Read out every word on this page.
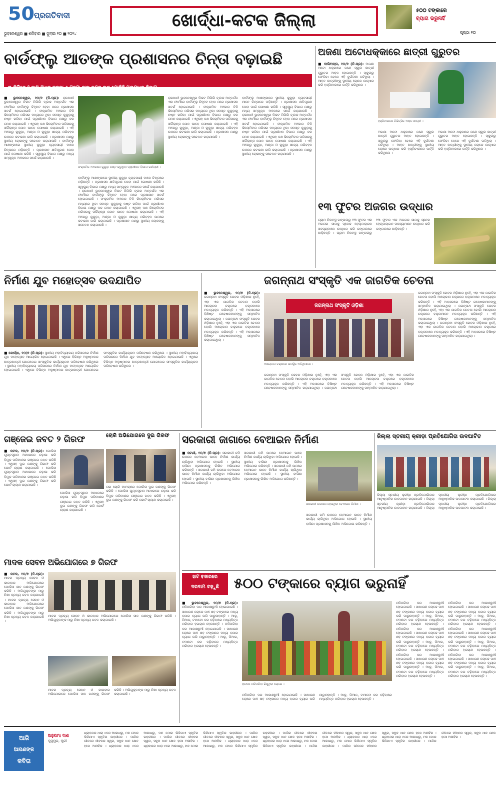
50 ପ୍ରଗତିବାଦୀ
ଭୁବନେଶ୍ୱର ■ ଶନିବାର ■ ଜୁଲାଇ ୧୦ ■ ୨୦୨୪
ଖୋର୍ଦ୍ଧା-କଟକ ଜିଲ୍ଲା	୫୦୦ ଟଙ୍କାରେ
ବ୍ୟାଗ ଭରୁନାହିଁ
ପୃଷ୍ଠା ୧୦
ବାର୍ଡଫ୍ଲୁ ଆତଙ୍କ ପ୍ରଶାସନର ଚିନ୍ତା ବଢ଼ାଇଛି
୩ କିମିରେ ୨ ଲକ୍ଷ ଅଧିକ କୁକୁଡ଼ା ୫ ଟନ୍‌ଟା ଦାନା ବଣକ ନାଶ ଯୋଜିଛି ପ୍ରାଣୀଧନ ବିଭାଗ
■ ଭୁବନେଶ୍ୱର, ୧୦/୭ (ନି.ପ୍ର): ରାଜଧାନୀ ଭୁବନେଶ୍ୱର ନିକଟ ପିପିଲି ବ୍ଲକ ଅନ୍ତର୍ଗତ ଏକ ଫାର୍ମରେ ବାର୍ଡଫ୍ଲୁ ଚିହ୍ନଟ ହେବା ପରେ ପ୍ରଶାସନ ସତର୍କ ହୋଇଯାଇଛି । ସଂକ୍ରମିତ ଅଞ୍ଚଳର ତିନି କିଲୋମିଟର ପରିସର ମଧ୍ୟରେ ଥିବା ସମସ୍ତ କୁକୁଡ଼ାକୁ ନଷ୍ଟ କରିବା ପାଇଁ ପ୍ରାଣୀଧନ ବିଭାଗ ପକ୍ଷରୁ ଦଳ ଗଠନ କରାଯାଇଛି । ଏଥିସହ ଦଶ କିଲୋମିଟର ପରିସରକୁ ସର୍ଭିଲାନ୍ସ ଜୋନ ଭାବେ ଘୋଷଣା କରାଯାଇଛି । ଏହି ଅଞ୍ଚଳରୁ କୁକୁଡ଼ା, ଅଣ୍ଡା ଓ କୁକୁଡ଼ା ଖାଦ୍ୟ ପରିବହନ ଉପରେ କଟକଣା ଜାରି କରାଯାଇଛି । ପ୍ରଶାସନ ପକ୍ଷରୁ ସ୍ଥାନୀୟ ଲୋକଙ୍କୁ ସଚେତନ କରାଯାଉଛି । ବାର୍ଡଫ୍ଲୁ ଆଶଙ୍କାରେ ସ୍ଥାନୀୟ କୁକୁଡ଼ା ବ୍ୟବସାୟୀ ମାନେ ଚିନ୍ତାରେ ପଡ଼ିଛନ୍ତି । ପ୍ରଶାସନ କ୍ଷତିପୂରଣ ଦେବା ପାଇଁ ଘୋଷଣା କରିଛି । ସ୍ୱାସ୍ଥ୍ୟ ବିଭାଗ ପକ୍ଷରୁ ମଧ୍ୟ ସମ୍ପୃକ୍ତ ଅଞ୍ଚଳରେ ସର୍ଭେ କରାଯାଉଛି ।
ସଂକ୍ରମିତ ଅଞ୍ଚଳରେ କୁକୁଡ଼ା ନଷ୍ଟ କରୁଥିବା ପ୍ରାଣୀଧନ ବିଭାଗ କର୍ମଚାରୀ ।
ବାର୍ଡଫ୍ଲୁ ଆଶଙ୍କାରେ ସ୍ଥାନୀୟ କୁକୁଡ଼ା ବ୍ୟବସାୟୀ ମାନେ ଚିନ୍ତାରେ ପଡ଼ିଛନ୍ତି । ପ୍ରଶାସନ କ୍ଷତିପୂରଣ ଦେବା ପାଇଁ ଘୋଷଣା କରିଛି । ସ୍ୱାସ୍ଥ୍ୟ ବିଭାଗ ପକ୍ଷରୁ ମଧ୍ୟ ସମ୍ପୃକ୍ତ ଅଞ୍ଚଳରେ ସର୍ଭେ କରାଯାଉଛି । ରାଜଧାନୀ ଭୁବନେଶ୍ୱର ନିକଟ ପିପିଲି ବ୍ଲକ ଅନ୍ତର୍ଗତ ଏକ ଫାର୍ମରେ ବାର୍ଡଫ୍ଲୁ ଚିହ୍ନଟ ହେବା ପରେ ପ୍ରଶାସନ ସତର୍କ ହୋଇଯାଇଛି । ସଂକ୍ରମିତ ଅଞ୍ଚଳର ତିନି କିଲୋମିଟର ପରିସର ମଧ୍ୟରେ ଥିବା ସମସ୍ତ କୁକୁଡ଼ାକୁ ନଷ୍ଟ କରିବା ପାଇଁ ପ୍ରାଣୀଧନ ବିଭାଗ ପକ୍ଷରୁ ଦଳ ଗଠନ କରାଯାଇଛି । ଏଥିସହ ଦଶ କିଲୋମିଟର ପରିସରକୁ ସର୍ଭିଲାନ୍ସ ଜୋନ ଭାବେ ଘୋଷଣା କରାଯାଇଛି । ଏହି ଅଞ୍ଚଳରୁ କୁକୁଡ଼ା, ଅଣ୍ଡା ଓ କୁକୁଡ଼ା ଖାଦ୍ୟ ପରିବହନ ଉପରେ କଟକଣା ଜାରି କରାଯାଇଛି । ପ୍ରଶାସନ ପକ୍ଷରୁ ସ୍ଥାନୀୟ ଲୋକଙ୍କୁ ସଚେତନ କରାଯାଉଛି ।
ରାଜଧାନୀ ଭୁବନେଶ୍ୱର ନିକଟ ପିପିଲି ବ୍ଲକ ଅନ୍ତର୍ଗତ ଏକ ଫାର୍ମରେ ବାର୍ଡଫ୍ଲୁ ଚିହ୍ନଟ ହେବା ପରେ ପ୍ରଶାସନ ସତର୍କ ହୋଇଯାଇଛି । ସଂକ୍ରମିତ ଅଞ୍ଚଳର ତିନି କିଲୋମିଟର ପରିସର ମଧ୍ୟରେ ଥିବା ସମସ୍ତ କୁକୁଡ଼ାକୁ ନଷ୍ଟ କରିବା ପାଇଁ ପ୍ରାଣୀଧନ ବିଭାଗ ପକ୍ଷରୁ ଦଳ ଗଠନ କରାଯାଇଛି । ଏଥିସହ ଦଶ କିଲୋମିଟର ପରିସରକୁ ସର୍ଭିଲାନ୍ସ ଜୋନ ଭାବେ ଘୋଷଣା କରାଯାଇଛି । ଏହି ଅଞ୍ଚଳରୁ କୁକୁଡ଼ା, ଅଣ୍ଡା ଓ କୁକୁଡ଼ା ଖାଦ୍ୟ ପରିବହନ ଉପରେ କଟକଣା ଜାରି କରାଯାଇଛି । ପ୍ରଶାସନ ପକ୍ଷରୁ ସ୍ଥାନୀୟ ଲୋକଙ୍କୁ ସଚେତନ କରାଯାଉଛି ।
ବାର୍ଡଫ୍ଲୁ ଆଶଙ୍କାରେ ସ୍ଥାନୀୟ କୁକୁଡ଼ା ବ୍ୟବସାୟୀ ମାନେ ଚିନ୍ତାରେ ପଡ଼ିଛନ୍ତି । ପ୍ରଶାସନ କ୍ଷତିପୂରଣ ଦେବା ପାଇଁ ଘୋଷଣା କରିଛି । ସ୍ୱାସ୍ଥ୍ୟ ବିଭାଗ ପକ୍ଷରୁ ମଧ୍ୟ ସମ୍ପୃକ୍ତ ଅଞ୍ଚଳରେ ସର୍ଭେ କରାଯାଉଛି । ରାଜଧାନୀ ଭୁବନେଶ୍ୱର ନିକଟ ପିପିଲି ବ୍ଲକ ଅନ୍ତର୍ଗତ ଏକ ଫାର୍ମରେ ବାର୍ଡଫ୍ଲୁ ଚିହ୍ନଟ ହେବା ପରେ ପ୍ରଶାସନ ସତର୍କ ହୋଇଯାଇଛି । ସଂକ୍ରମିତ ଅଞ୍ଚଳର ତିନି କିଲୋମିଟର ପରିସର ମଧ୍ୟରେ ଥିବା ସମସ୍ତ କୁକୁଡ଼ାକୁ ନଷ୍ଟ କରିବା ପାଇଁ ପ୍ରାଣୀଧନ ବିଭାଗ ପକ୍ଷରୁ ଦଳ ଗଠନ କରାଯାଇଛି । ଏଥିସହ ଦଶ କିଲୋମିଟର ପରିସରକୁ ସର୍ଭିଲାନ୍ସ ଜୋନ ଭାବେ ଘୋଷଣା କରାଯାଇଛି । ଏହି ଅଞ୍ଚଳରୁ କୁକୁଡ଼ା, ଅଣ୍ଡା ଓ କୁକୁଡ଼ା ଖାଦ୍ୟ ପରିବହନ ଉପରେ କଟକଣା ଜାରି କରାଯାଇଛି । ପ୍ରଶାସନ ପକ୍ଷରୁ ସ୍ଥାନୀୟ ଲୋକଙ୍କୁ ସଚେତନ କରାଯାଉଛି ।
ଅଜଣା ଅଟୋଧକ୍କାରେ ଛାତ୍ରୀ ଗୁରୁତର
■ ବାଲିଅନ୍ତା, ୧୦/୭ (ନି.ପ୍ର): ଅଜଣା ଅଟୋ ଧକ୍କାରେ ଜଣେ ସ୍କୁଲ ଛାତ୍ରୀ ଗୁରୁତର ଆହତ ହୋଇଛନ୍ତି । ସ୍କୁଲରୁ ଫେରିବା ବେଳେ ଏହି ଦୁର୍ଘଟଣା ଘଟିଥିଲା । ଆହତ ଛାତ୍ରୀଙ୍କୁ ସ୍ଥାନୀୟ ଲୋକେ ଉଦ୍ଧାର କରି ହସ୍ପିଟାଲରେ ଭର୍ତ୍ତି କରିଥିଲେ ।
ହସ୍ପିଟାଲରେ ଚିକିତ୍ସିତ ଆହତ ଛାତ୍ରୀ ।
ଅଜଣା ଅଟୋ ଧକ୍କାରେ ଜଣେ ସ୍କୁଲ ଛାତ୍ରୀ ଗୁରୁତର ଆହତ ହୋଇଛନ୍ତି । ସ୍କୁଲରୁ ଫେରିବା ବେଳେ ଏହି ଦୁର୍ଘଟଣା ଘଟିଥିଲା । ଆହତ ଛାତ୍ରୀଙ୍କୁ ସ୍ଥାନୀୟ ଲୋକେ ଉଦ୍ଧାର କରି ହସ୍ପିଟାଲରେ ଭର୍ତ୍ତି କରିଥିଲେ ।
ଅଜଣା ଅଟୋ ଧକ୍କାରେ ଜଣେ ସ୍କୁଲ ଛାତ୍ରୀ ଗୁରୁତର ଆହତ ହୋଇଛନ୍ତି । ସ୍କୁଲରୁ ଫେରିବା ବେଳେ ଏହି ଦୁର୍ଘଟଣା ଘଟିଥିଲା । ଆହତ ଛାତ୍ରୀଙ୍କୁ ସ୍ଥାନୀୟ ଲୋକେ ଉଦ୍ଧାର କରି ହସ୍ପିଟାଲରେ ଭର୍ତ୍ତି କରିଥିଲେ ।
୧୩ ଫୁଟର ଅଜଗର ଉଦ୍ଧାର
ଗ୍ରାମ ନିକଟସ୍ଥ ଜଙ୍ଗଲରୁ ୧୩ ଫୁଟର ଏକ ଅଜଗର ସାପକୁ ସ୍ନେକ ହେଲ୍ପଲାଇନ ସଦସ୍ୟମାନେ ଉଦ୍ଧାର କରି ଜଙ୍ଗଲରେ ଛାଡ଼ିଛନ୍ତି । ଗ୍ରାମ ନିକଟସ୍ଥ ଜଙ୍ଗଲରୁ ୧୩ ଫୁଟର ଏକ ଅଜଗର ସାପକୁ ସ୍ନେକ ହେଲ୍ପଲାଇନ ସଦସ୍ୟମାନେ ଉଦ୍ଧାର କରି ଜଙ୍ଗଲରେ ଛାଡ଼ିଛନ୍ତି ।
ନିର୍ମାଣ ଯୁବ ମହୋତ୍ସବ ଉଦଯାପିତ
■ ଖୋର୍ଦ୍ଧା, ୧୦/୭ (ନି.ପ୍ର): ସ୍ଥାନୀୟ ମହାବିଦ୍ୟାଳୟ ପରିସରରେ ନିର୍ମାଣ ଯୁବ ମହୋତ୍ସବ ଆୟୋଜିତ ହୋଇଯାଇଛି । ଏଥିରେ ବିଭିନ୍ନ ଅନୁଷ୍ଠାନର ଛାତ୍ରଛାତ୍ରୀ ଯୋଗଦେଇ ସାଂସ୍କୃତିକ କାର୍ଯ୍ୟକ୍ରମ ପରିବେଷଣ କରିଥିଲେ । ସ୍ଥାନୀୟ ମହାବିଦ୍ୟାଳୟ ପରିସରରେ ନିର୍ମାଣ ଯୁବ ମହୋତ୍ସବ ଆୟୋଜିତ ହୋଇଯାଇଛି । ଏଥିରେ ବିଭିନ୍ନ ଅନୁଷ୍ଠାନର ଛାତ୍ରଛାତ୍ରୀ ଯୋଗଦେଇ ସାଂସ୍କୃତିକ କାର୍ଯ୍ୟକ୍ରମ ପରିବେଷଣ କରିଥିଲେ । ସ୍ଥାନୀୟ ମହାବିଦ୍ୟାଳୟ ପରିସରରେ ନିର୍ମାଣ ଯୁବ ମହୋତ୍ସବ ଆୟୋଜିତ ହୋଇଯାଇଛି । ଏଥିରେ ବିଭିନ୍ନ ଅନୁଷ୍ଠାନର ଛାତ୍ରଛାତ୍ରୀ ଯୋଗଦେଇ ସାଂସ୍କୃତିକ କାର୍ଯ୍ୟକ୍ରମ ପରିବେଷଣ କରିଥିଲେ ।
ଜଗନ୍ନାଥ ସଂସ୍କୃତି ଏକ ଜାଗତିକ ଚେତନା
■ ଭୁବନେଶ୍ୱର, ୧୦/୭ (ନି.ପ୍ର): ଜଗନ୍ନାଥ ସଂସ୍କୃତି କେବଳ ଓଡ଼ିଶାର ନୁହେଁ, ଏହା ଏକ ଜାଗତିକ ଚେତନା ବୋଲି ଆଲୋଚନା ଚକ୍ରରେ ବକ୍ତାମାନେ ମତବ୍ୟକ୍ତ କରିଛନ୍ତି । ଏହି ଅବସରରେ ବିଶିଷ୍ଟ ଗବେଷକମାନଙ୍କୁ ସମ୍ମାନିତ କରାଯାଇଥିଲା । ଜଗନ୍ନାଥ ସଂସ୍କୃତି କେବଳ ଓଡ଼ିଶାର ନୁହେଁ, ଏହା ଏକ ଜାଗତିକ ଚେତନା ବୋଲି ଆଲୋଚନା ଚକ୍ରରେ ବକ୍ତାମାନେ ମତବ୍ୟକ୍ତ କରିଛନ୍ତି । ଏହି ଅବସରରେ ବିଶିଷ୍ଟ ଗବେଷକମାନଙ୍କୁ ସମ୍ମାନିତ କରାଯାଇଥିଲା ।
ଜଗନ୍ନାଥ ସଂସ୍କୃତି ଓଡ଼ିଶା
ଆଲୋଚନା ଚକ୍ରରେ ଉପସ୍ଥିତ ଅତିଥିମାନେ ।
ଜଗନ୍ନାଥ ସଂସ୍କୃତି କେବଳ ଓଡ଼ିଶାର ନୁହେଁ, ଏହା ଏକ ଜାଗତିକ ଚେତନା ବୋଲି ଆଲୋଚନା ଚକ୍ରରେ ବକ୍ତାମାନେ ମତବ୍ୟକ୍ତ କରିଛନ୍ତି । ଏହି ଅବସରରେ ବିଶିଷ୍ଟ ଗବେଷକମାନଙ୍କୁ ସମ୍ମାନିତ କରାଯାଇଥିଲା । ଜଗନ୍ନାଥ ସଂସ୍କୃତି କେବଳ ଓଡ଼ିଶାର ନୁହେଁ, ଏହା ଏକ ଜାଗତିକ ଚେତନା ବୋଲି ଆଲୋଚନା ଚକ୍ରରେ ବକ୍ତାମାନେ ମତବ୍ୟକ୍ତ କରିଛନ୍ତି । ଏହି ଅବସରରେ ବିଶିଷ୍ଟ ଗବେଷକମାନଙ୍କୁ ସମ୍ମାନିତ କରାଯାଇଥିଲା ।
ଜଗନ୍ନାଥ ସଂସ୍କୃତି କେବଳ ଓଡ଼ିଶାର ନୁହେଁ, ଏହା ଏକ ଜାଗତିକ ଚେତନା ବୋଲି ଆଲୋଚନା ଚକ୍ରରେ ବକ୍ତାମାନେ ମତବ୍ୟକ୍ତ କରିଛନ୍ତି । ଏହି ଅବସରରେ ବିଶିଷ୍ଟ ଗବେଷକମାନଙ୍କୁ ସମ୍ମାନିତ କରାଯାଇଥିଲା । ଜଗନ୍ନାଥ ସଂସ୍କୃତି କେବଳ ଓଡ଼ିଶାର ନୁହେଁ, ଏହା ଏକ ଜାଗତିକ ଚେତନା ବୋଲି ଆଲୋଚନା ଚକ୍ରରେ ବକ୍ତାମାନେ ମତବ୍ୟକ୍ତ କରିଛନ୍ତି । ଏହି ଅବସରରେ ବିଶିଷ୍ଟ ଗବେଷକମାନଙ୍କୁ ସମ୍ମାନିତ କରାଯାଇଥିଲା । ଜଗନ୍ନାଥ ସଂସ୍କୃତି କେବଳ ଓଡ଼ିଶାର ନୁହେଁ, ଏହା ଏକ ଜାଗତିକ ଚେତନା ବୋଲି ଆଲୋଚନା ଚକ୍ରରେ ବକ୍ତାମାନେ ମତବ୍ୟକ୍ତ କରିଛନ୍ତି । ଏହି ଅବସରରେ ବିଶିଷ୍ଟ ଗବେଷକମାନଙ୍କୁ ସମ୍ମାନିତ କରାଯାଇଥିଲା ।
ଗଞ୍ଜେଇ ଜବତ ୨ ଗିରଫ
■ କଟକ, ୧୦/୭ (ନି.ପ୍ର): ପୋଲିସ ଗୁପ୍ତସୂଚନା ଆଧାରରେ ଚଢ଼ାଉ କରି ବିପୁଳ ପରିମାଣର ଗଞ୍ଜେଇ ଜବତ କରିଛି । ଏଥିସହ ଦୁଇ ଜଣଙ୍କୁ ଗିରଫ କରି କୋର୍ଟ ଚାଲାଣ କରାଯାଇଛି । ପୋଲିସ ଗୁପ୍ତସୂଚନା ଆଧାରରେ ଚଢ଼ାଉ କରି ବିପୁଳ ପରିମାଣର ଗଞ୍ଜେଇ ଜବତ କରିଛି । ଏଥିସହ ଦୁଇ ଜଣଙ୍କୁ ଗିରଫ କରି କୋର୍ଟ ଚାଲାଣ କରାଯାଇଛି ।
ପୋଲିସ ଗୁପ୍ତସୂଚନା ଆଧାରରେ ଚଢ଼ାଉ କରି ବିପୁଳ ପରିମାଣର ଗଞ୍ଜେଇ ଜବତ କରିଛି । ଏଥିସହ ଦୁଇ ଜଣଙ୍କୁ ଗିରଫ କରି କୋର୍ଟ ଚାଲାଣ କରାଯାଇଛି ।
ଚୋରି ଅଭିଯୋଗରେ ଦୁଇ ଗିରଫ
ଘର ଚୋରି ମାମଲାରେ ପୋଲିସ ଦୁଇ ଜଣଙ୍କୁ ଗିରଫ କରିଛି । ପୋଲିସ ଗୁପ୍ତସୂଚନା ଆଧାରରେ ଚଢ଼ାଉ କରି ବିପୁଳ ପରିମାଣର ଗଞ୍ଜେଇ ଜବତ କରିଛି । ଏଥିସହ ଦୁଇ ଜଣଙ୍କୁ ଗିରଫ କରି କୋର୍ଟ ଚାଲାଣ କରାଯାଇଛି ।
ମାଦକ ସେବନ ଅଭିଯୋଗରେ ୭ ଗିରଫ
■ କଟକ, ୧୦/୭ (ନି.ପ୍ର): ମାଦକ ଦ୍ରବ୍ୟ ସେବନ ଓ କାରବାର ଅଭିଯୋଗରେ ପୋଲିସ ସାତ ଜଣଙ୍କୁ ଗିରଫ କରିଛି । ଅଭିଯୁକ୍ତଙ୍କ ଠାରୁ ନିଶା ଦ୍ରବ୍ୟ ଜବତ କରାଯାଇଛି । ମାଦକ ଦ୍ରବ୍ୟ ସେବନ ଓ କାରବାର ଅଭିଯୋଗରେ ପୋଲିସ ସାତ ଜଣଙ୍କୁ ଗିରଫ କରିଛି । ଅଭିଯୁକ୍ତଙ୍କ ଠାରୁ ନିଶା ଦ୍ରବ୍ୟ ଜବତ କରାଯାଇଛି ।
ମାଦକ ଦ୍ରବ୍ୟ ସେବନ ଓ କାରବାର ଅଭିଯୋଗରେ ପୋଲିସ ସାତ ଜଣଙ୍କୁ ଗିରଫ କରିଛି । ଅଭିଯୁକ୍ତଙ୍କ ଠାରୁ ନିଶା ଦ୍ରବ୍ୟ ଜବତ କରାଯାଇଛି ।
ମାଦକ ଦ୍ରବ୍ୟ ସେବନ ଓ କାରବାର ଅଭିଯୋଗରେ ପୋଲିସ ସାତ ଜଣଙ୍କୁ ଗିରଫ କରିଛି । ଅଭିଯୁକ୍ତଙ୍କ ଠାରୁ ନିଶା ଦ୍ରବ୍ୟ ଜବତ କରାଯାଇଛି ।
ସରକାରୀ ଜାଗାରେ ବେଆଇନ ନିର୍ମାଣ
■ ଜଟଣୀ, ୧୦/୭ (ନି.ପ୍ର): ସରକାରୀ ଜମି ଉପରେ ବେଆଇନ ଭାବେ ନିର୍ମାଣ କାର୍ଯ୍ୟ ଚାଲିଥିବା ଅଭିଯୋଗ ହୋଇଛି । ସ୍ଥାନୀୟ ବାସିନ୍ଦା ପ୍ରଶାସନକୁ ଲିଖିତ ଅଭିଯୋଗ କରିଛନ୍ତି । ସରକାରୀ ଜମି ଉପରେ ବେଆଇନ ଭାବେ ନିର୍ମାଣ କାର୍ଯ୍ୟ ଚାଲିଥିବା ଅଭିଯୋଗ ହୋଇଛି । ସ୍ଥାନୀୟ ବାସିନ୍ଦା ପ୍ରଶାସନକୁ ଲିଖିତ ଅଭିଯୋଗ କରିଛନ୍ତି ।
ସରକାରୀ ଜମି ଉପରେ ବେଆଇନ ଭାବେ ନିର୍ମାଣ କାର୍ଯ୍ୟ ଚାଲିଥିବା ଅଭିଯୋଗ ହୋଇଛି । ସ୍ଥାନୀୟ ବାସିନ୍ଦା ପ୍ରଶାସନକୁ ଲିଖିତ ଅଭିଯୋଗ କରିଛନ୍ତି । ସରକାରୀ ଜମି ଉପରେ ବେଆଇନ ଭାବେ ନିର୍ମାଣ କାର୍ଯ୍ୟ ଚାଲିଥିବା ଅଭିଯୋଗ ହୋଇଛି । ସ୍ଥାନୀୟ ବାସିନ୍ଦା ପ୍ରଶାସନକୁ ଲିଖିତ ଅଭିଯୋଗ କରିଛନ୍ତି ।
ସରକାରୀ ଜାଗାରେ ହେଉଥିବା ବେଆଇନ ନିର୍ମାଣ ।
ସରକାରୀ ଜମି ଉପରେ ବେଆଇନ ଭାବେ ନିର୍ମାଣ କାର୍ଯ୍ୟ ଚାଲିଥିବା ଅଭିଯୋଗ ହୋଇଛି । ସ୍ଥାନୀୟ ବାସିନ୍ଦା ପ୍ରଶାସନକୁ ଲିଖିତ ଅଭିଯୋଗ କରିଛନ୍ତି ।
ଜିଲ୍ଲା ସ୍ତରୀୟ କ୍ରୀଡ଼ା ପ୍ରତିଯୋଗିତା ଉଦଘାଟିତ
ଜିଲ୍ଲା ସ୍ତରୀୟ କ୍ରୀଡ଼ା ପ୍ରତିଯୋଗିତାର ଆନୁଷ୍ଠାନିକ ଉଦଘାଟନ କରାଯାଇଛି । ଜିଲ୍ଲା ସ୍ତରୀୟ କ୍ରୀଡ଼ା ପ୍ରତିଯୋଗିତାର ଆନୁଷ୍ଠାନିକ ଉଦଘାଟନ କରାଯାଇଛି । ଜିଲ୍ଲା ସ୍ତରୀୟ କ୍ରୀଡ଼ା ପ୍ରତିଯୋଗିତାର ଆନୁଷ୍ଠାନିକ ଉଦଘାଟନ କରାଯାଇଛି । ଜିଲ୍ଲା ସ୍ତରୀୟ କ୍ରୀଡ଼ା ପ୍ରତିଯୋଗିତାର ଆନୁଷ୍ଠାନିକ ଉଦଘାଟନ କରାଯାଇଛି ।
ହାଟ ବଜାରରେ
ଦରଦାମ ଚଢ଼ୁଛି	୫୦୦ ଟଙ୍କାରେ ବ୍ୟାଗ ଭରୁନାହିଁ
■ ଭୁବନେଶ୍ୱର, ୧୦/୭ (ନି.ପ୍ର): ପନିପରିବା ଦର ଆକାଶଛୁଆଁ ହୋଇଯାଇଛି । ସାଧାରଣ ଲୋକେ ପାଞ୍ଚ ଶହ ଟଙ୍କାରେ ମଧ୍ୟ ବଜାର ବ୍ୟାଗ ଭରି ପାରୁନାହାନ୍ତି । ଆଳୁ, ପିଆଜ, ଟମାଟୋ ଦର ବଢ଼ିବାରେ ମଧ୍ୟବିତ୍ତ ପରିବାର ହଇରାଣ ହେଉଛନ୍ତି । ପନିପରିବା ଦର ଆକାଶଛୁଆଁ ହୋଇଯାଇଛି । ସାଧାରଣ ଲୋକେ ପାଞ୍ଚ ଶହ ଟଙ୍କାରେ ମଧ୍ୟ ବଜାର ବ୍ୟାଗ ଭରି ପାରୁନାହାନ୍ତି । ଆଳୁ, ପିଆଜ, ଟମାଟୋ ଦର ବଢ଼ିବାରେ ମଧ୍ୟବିତ୍ତ ପରିବାର ହଇରାଣ ହେଉଛନ୍ତି ।
ହାଟରେ ପନିପରିବା କିଣୁଥିବା ଲୋକେ ।
ପନିପରିବା ଦର ଆକାଶଛୁଆଁ ହୋଇଯାଇଛି । ସାଧାରଣ ଲୋକେ ପାଞ୍ଚ ଶହ ଟଙ୍କାରେ ମଧ୍ୟ ବଜାର ବ୍ୟାଗ ଭରି ପାରୁନାହାନ୍ତି । ଆଳୁ, ପିଆଜ, ଟମାଟୋ ଦର ବଢ଼ିବାରେ ମଧ୍ୟବିତ୍ତ ପରିବାର ହଇରାଣ ହେଉଛନ୍ତି ।
ପନିପରିବା ଦର ଆକାଶଛୁଆଁ ହୋଇଯାଇଛି । ସାଧାରଣ ଲୋକେ ପାଞ୍ଚ ଶହ ଟଙ୍କାରେ ମଧ୍ୟ ବଜାର ବ୍ୟାଗ ଭରି ପାରୁନାହାନ୍ତି । ଆଳୁ, ପିଆଜ, ଟମାଟୋ ଦର ବଢ଼ିବାରେ ମଧ୍ୟବିତ୍ତ ପରିବାର ହଇରାଣ ହେଉଛନ୍ତି । ପନିପରିବା ଦର ଆକାଶଛୁଆଁ ହୋଇଯାଇଛି । ସାଧାରଣ ଲୋକେ ପାଞ୍ଚ ଶହ ଟଙ୍କାରେ ମଧ୍ୟ ବଜାର ବ୍ୟାଗ ଭରି ପାରୁନାହାନ୍ତି । ଆଳୁ, ପିଆଜ, ଟମାଟୋ ଦର ବଢ଼ିବାରେ ମଧ୍ୟବିତ୍ତ ପରିବାର ହଇରାଣ ହେଉଛନ୍ତି । ପନିପରିବା ଦର ଆକାଶଛୁଆଁ ହୋଇଯାଇଛି । ସାଧାରଣ ଲୋକେ ପାଞ୍ଚ ଶହ ଟଙ୍କାରେ ମଧ୍ୟ ବଜାର ବ୍ୟାଗ ଭରି ପାରୁନାହାନ୍ତି । ଆଳୁ, ପିଆଜ, ଟମାଟୋ ଦର ବଢ଼ିବାରେ ମଧ୍ୟବିତ୍ତ ପରିବାର ହଇରାଣ ହେଉଛନ୍ତି ।
ପନିପରିବା ଦର ଆକାଶଛୁଆଁ ହୋଇଯାଇଛି । ସାଧାରଣ ଲୋକେ ପାଞ୍ଚ ଶହ ଟଙ୍କାରେ ମଧ୍ୟ ବଜାର ବ୍ୟାଗ ଭରି ପାରୁନାହାନ୍ତି । ଆଳୁ, ପିଆଜ, ଟମାଟୋ ଦର ବଢ଼ିବାରେ ମଧ୍ୟବିତ୍ତ ପରିବାର ହଇରାଣ ହେଉଛନ୍ତି । ପନିପରିବା ଦର ଆକାଶଛୁଆଁ ହୋଇଯାଇଛି । ସାଧାରଣ ଲୋକେ ପାଞ୍ଚ ଶହ ଟଙ୍କାରେ ମଧ୍ୟ ବଜାର ବ୍ୟାଗ ଭରି ପାରୁନାହାନ୍ତି । ଆଳୁ, ପିଆଜ, ଟମାଟୋ ଦର ବଢ଼ିବାରେ ମଧ୍ୟବିତ୍ତ ପରିବାର ହଇରାଣ ହେଉଛନ୍ତି । ପନିପରିବା ଦର ଆକାଶଛୁଆଁ ହୋଇଯାଇଛି । ସାଧାରଣ ଲୋକେ ପାଞ୍ଚ ଶହ ଟଙ୍କାରେ ମଧ୍ୟ ବଜାର ବ୍ୟାଗ ଭରି ପାରୁନାହାନ୍ତି । ଆଳୁ, ପିଆଜ, ଟମାଟୋ ଦର ବଢ଼ିବାରେ ମଧ୍ୟବିତ୍ତ ପରିବାର ହଇରାଣ ହେଉଛନ୍ତି ।
ଆଜି
ଆପଣଙ୍କ
କବିତା
ଅନୁପମା ଦାଶ
କୁସୁପୁର, ପୁରୀ
ଶ୍ରାବଣର ଧାରା ଝରେ ଆକାଶରୁ, ମନ ମୋର ଭିଜିଯାଏ ସ୍ମୃତିର ଲହରୀରେ । ପାଣିର ଗୀତରେ ଜୀବନର ସ୍ୱର, ସବୁଜ ଧାନ କ୍ଷେତ ହସେ ଅନାବିଳ । ଶ୍ରାବଣର ଧାରା ଝରେ ଆକାଶରୁ, ମନ ମୋର ଭିଜିଯାଏ ସ୍ମୃତିର ଲହରୀରେ । ପାଣିର ଗୀତରେ ଜୀବନର ସ୍ୱର, ସବୁଜ ଧାନ କ୍ଷେତ ହସେ ଅନାବିଳ । ଶ୍ରାବଣର ଧାରା ଝରେ ଆକାଶରୁ, ମନ ମୋର ଭିଜିଯାଏ ସ୍ମୃତିର ଲହରୀରେ । ପାଣିର ଗୀତରେ ଜୀବନର ସ୍ୱର, ସବୁଜ ଧାନ କ୍ଷେତ ହସେ ଅନାବିଳ । ଶ୍ରାବଣର ଧାରା ଝରେ ଆକାଶରୁ, ମନ ମୋର ଭିଜିଯାଏ ସ୍ମୃତିର ଲହରୀରେ । ପାଣିର ଗୀତରେ ଜୀବନର ସ୍ୱର, ସବୁଜ ଧାନ କ୍ଷେତ ହସେ ଅନାବିଳ । ଶ୍ରାବଣର ଧାରା ଝରେ ଆକାଶରୁ, ମନ ମୋର ଭିଜିଯାଏ ସ୍ମୃତିର ଲହରୀରେ । ପାଣିର ଗୀତରେ ଜୀବନର ସ୍ୱର, ସବୁଜ ଧାନ କ୍ଷେତ ହସେ ଅନାବିଳ । ଶ୍ରାବଣର ଧାରା ଝରେ ଆକାଶରୁ, ମନ ମୋର ଭିଜିଯାଏ ସ୍ମୃତିର ଲହରୀରେ । ପାଣିର ଗୀତରେ ଜୀବନର ସ୍ୱର, ସବୁଜ ଧାନ କ୍ଷେତ ହସେ ଅନାବିଳ । ଶ୍ରାବଣର ଧାରା ଝରେ ଆକାଶରୁ, ମନ ମୋର ଭିଜିଯାଏ ସ୍ମୃତିର ଲହରୀରେ । ପାଣିର ଗୀତରେ ଜୀବନର ସ୍ୱର, ସବୁଜ ଧାନ କ୍ଷେତ ହସେ ଅନାବିଳ ।
